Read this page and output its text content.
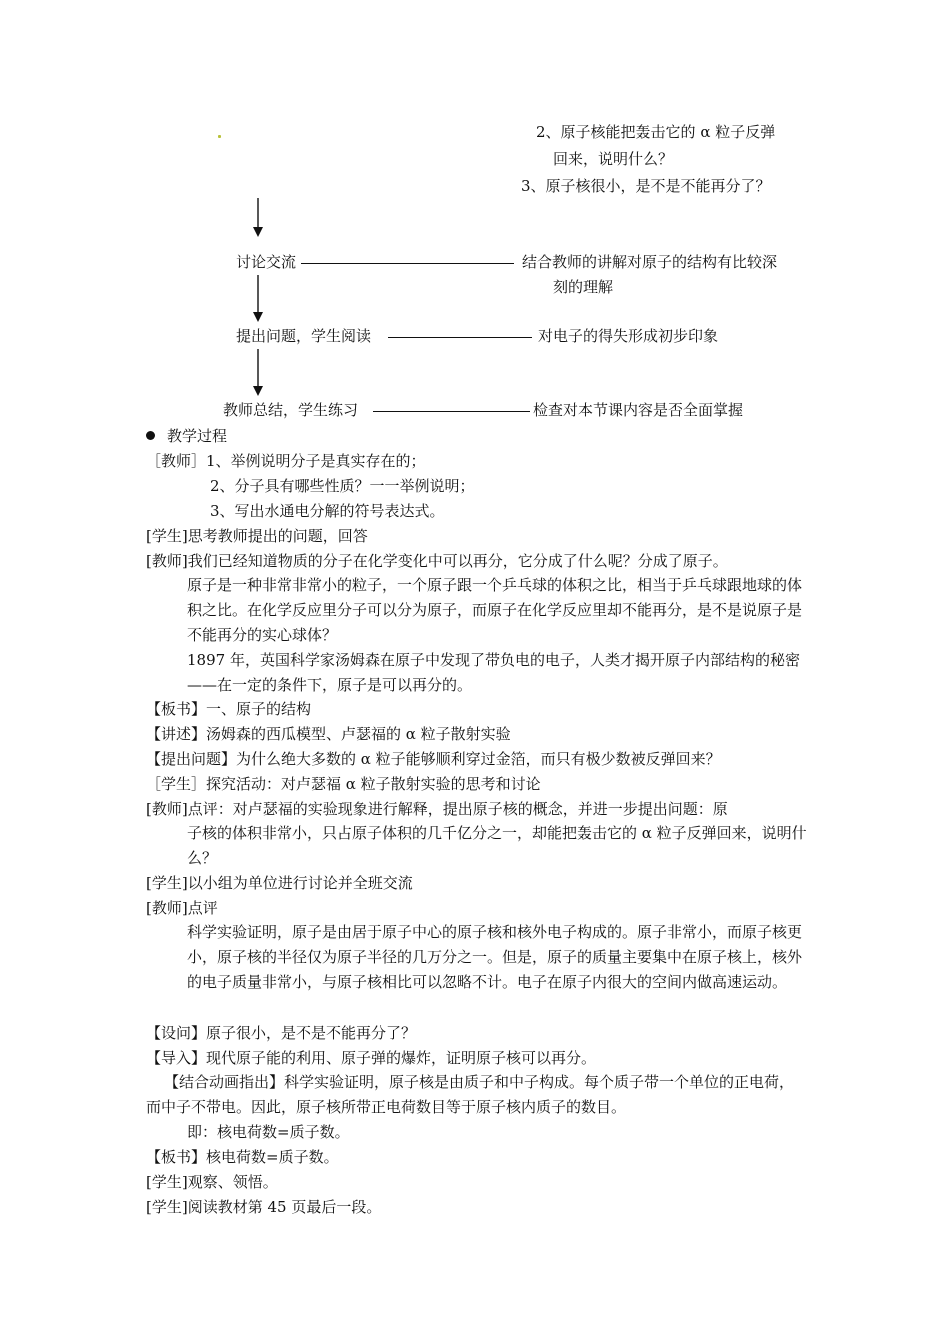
2、原子核能把轰击它的 α 粒子反弹
回来，说明什么？
3、原子核很小，是不是不能再分了？
讨论交流	结合教师的讲解对原子的结构有比较深
刻的理解
提出问题，学生阅读	对电子的得失形成初步印象
教师总结，学生练习	检查对本节课内容是否全面掌握
教学过程
［教师］1、举例说明分子是真实存在的；
2、分子具有哪些性质？一一举例说明；
3、写出水通电分解的符号表达式。
[学生]思考教师提出的问题，回答
[教师]我们已经知道物质的分子在化学变化中可以再分，它分成了什么呢？分成了原子。
原子是一种非常非常小的粒子，一个原子跟一个乒乓球的体积之比，相当于乒乓球跟地球的体积之比。在化学反应里分子可以分为原子，而原子在化学反应里却不能再分，是不是说原子是不能再分的实心球体？
1897 年，英国科学家汤姆森在原子中发现了带负电的电子，人类才揭开原子内部结构的秘密——在一定的条件下，原子是可以再分的。
【板书】一、原子的结构
【讲述】汤姆森的西瓜模型、卢瑟福的 α 粒子散射实验
【提出问题】为什么绝大多数的 α 粒子能够顺利穿过金箔，而只有极少数被反弹回来？
［学生］探究活动：对卢瑟福 α 粒子散射实验的思考和讨论
[教师]点评：对卢瑟福的实验现象进行解释，提出原子核的概念，并进一步提出问题：原
子核的体积非常小，只占原子体积的几千亿分之一，却能把轰击它的 α 粒子反弹回来，说明什么？
[学生]以小组为单位进行讨论并全班交流
[教师]点评
科学实验证明，原子是由居于原子中心的原子核和核外电子构成的。原子非常小，而原子核更小，原子核的半径仅为原子半径的几万分之一。但是，原子的质量主要集中在原子核上，核外的电子质量非常小，与原子核相比可以忽略不计。电子在原子内很大的空间内做高速运动。
【设问】原子很小，是不是不能再分了？
【导入】现代原子能的利用、原子弹的爆炸，证明原子核可以再分。
【结合动画指出】科学实验证明，原子核是由质子和中子构成。每个质子带一个单位的正电荷，而中子不带电。因此，原子核所带正电荷数目等于原子核内质子的数目。
即：核电荷数=质子数。
【板书】核电荷数=质子数。
[学生]观察、领悟。
[学生]阅读教材第 45 页最后一段。
